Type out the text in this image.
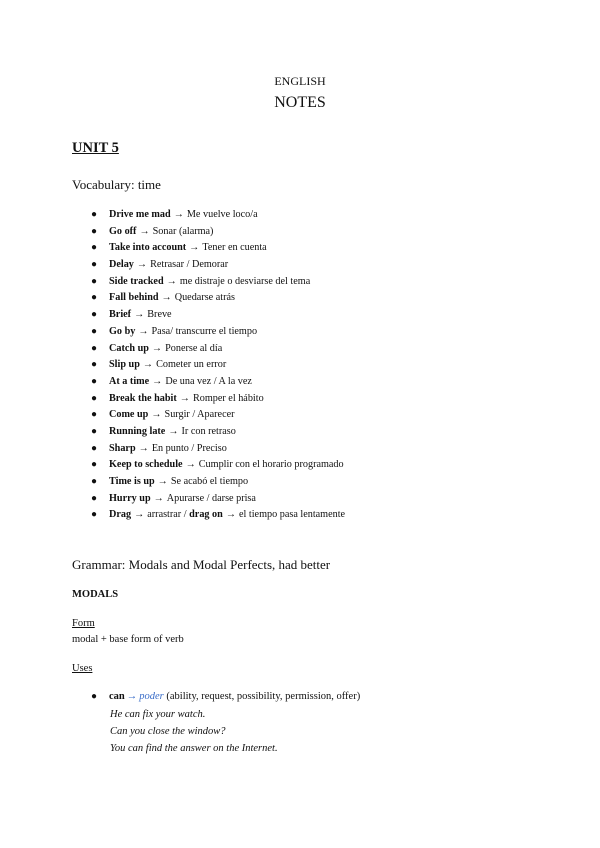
ENGLISH
NOTES
UNIT 5
Vocabulary: time
● Drive me mad → Me vuelve loco/a
● Go off → Sonar (alarma)
● Take into account → Tener en cuenta
● Delay → Retrasar / Demorar
● Side tracked → me distraje o desviarse del tema
● Fall behind → Quedarse atrás
● Brief → Breve
● Go by → Pasa/ transcurre el tiempo
● Catch up → Ponerse al día
● Slip up → Cometer un error
● At a time → De una vez / A la vez
● Break the habit → Romper el hábito
● Come up → Surgir / Aparecer
● Running late → Ir con retraso
● Sharp → En punto / Preciso
● Keep to schedule → Cumplir con el horario programado
● Time is up → Se acabó el tiempo
● Hurry up → Apurarse / darse prisa
● Drag → arrastrar / drag on → el tiempo pasa lentamente
Grammar: Modals and Modal Perfects, had better
MODALS
Form
modal + base form of verb
Uses
● can → poder (ability, request, possibility, permission, offer)
He can fix your watch.
Can you close the window?
You can find the answer on the Internet.
